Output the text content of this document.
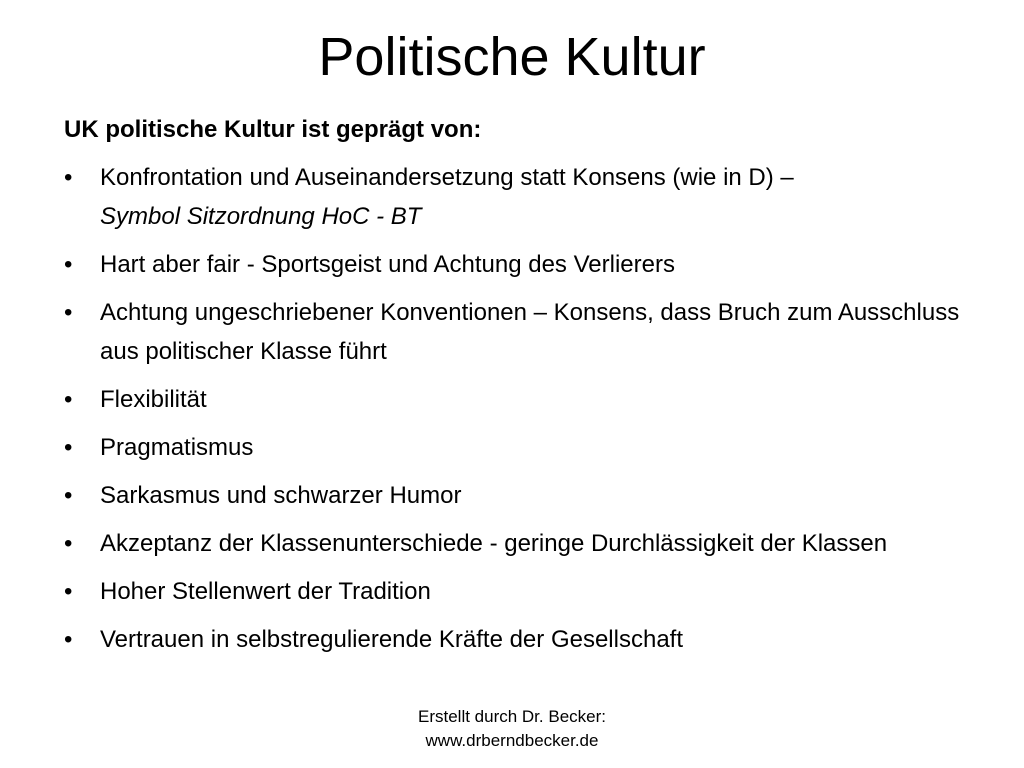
Politische Kultur

UK politische Kultur ist geprägt von:

• Konfrontation und Auseinandersetzung statt Konsens (wie in D) –
Symbol Sitzordnung HoC - BT
• Hart aber fair - Sportsgeist und Achtung des Verlierers
• Achtung ungeschriebener Konventionen – Konsens, dass Bruch zum Ausschluss aus politischer Klasse führt
• Flexibilität
• Pragmatismus
• Sarkasmus und schwarzer Humor
• Akzeptanz der Klassenunterschiede - geringe Durchlässigkeit der Klassen
• Hoher Stellenwert der Tradition
• Vertrauen in selbstregulierende Kräfte der Gesellschaft
Erstellt durch Dr. Becker:
www.drberndbecker.de
